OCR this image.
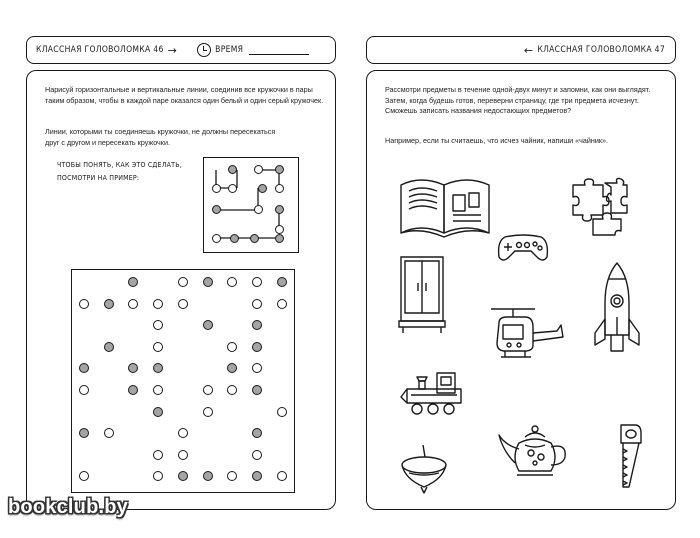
КЛАССНАЯ ГОЛОВОЛОМКА 46 →	ВРЕМЯ	← КЛАССНАЯ ГОЛОВОЛОМКА 47
Нарисуй горизонтальные и вертикальные линии, соединив все кружочки в пары таким образом, чтобы в каждой паре оказался один белый и один серый кружочек.
Линии, которыми ты соединяешь кружочки, не должны пересекаться друг с другом и пересекать кружочки.
ЧТОБЫ ПОНЯТЬ, КАК ЭТО СДЕЛАТЬ,
ПОСМОТРИ НА ПРИМЕР:
Рассмотри предметы в течение одной-двух минут и запомни, как они выглядят. Затем, когда будешь готов, переверни страницу, где три предмета исчезнут. Сможешь записать названия недостающих предметов?
Например, если ты считаешь, что исчез чайник, напиши «чайник».
bookclub.by
